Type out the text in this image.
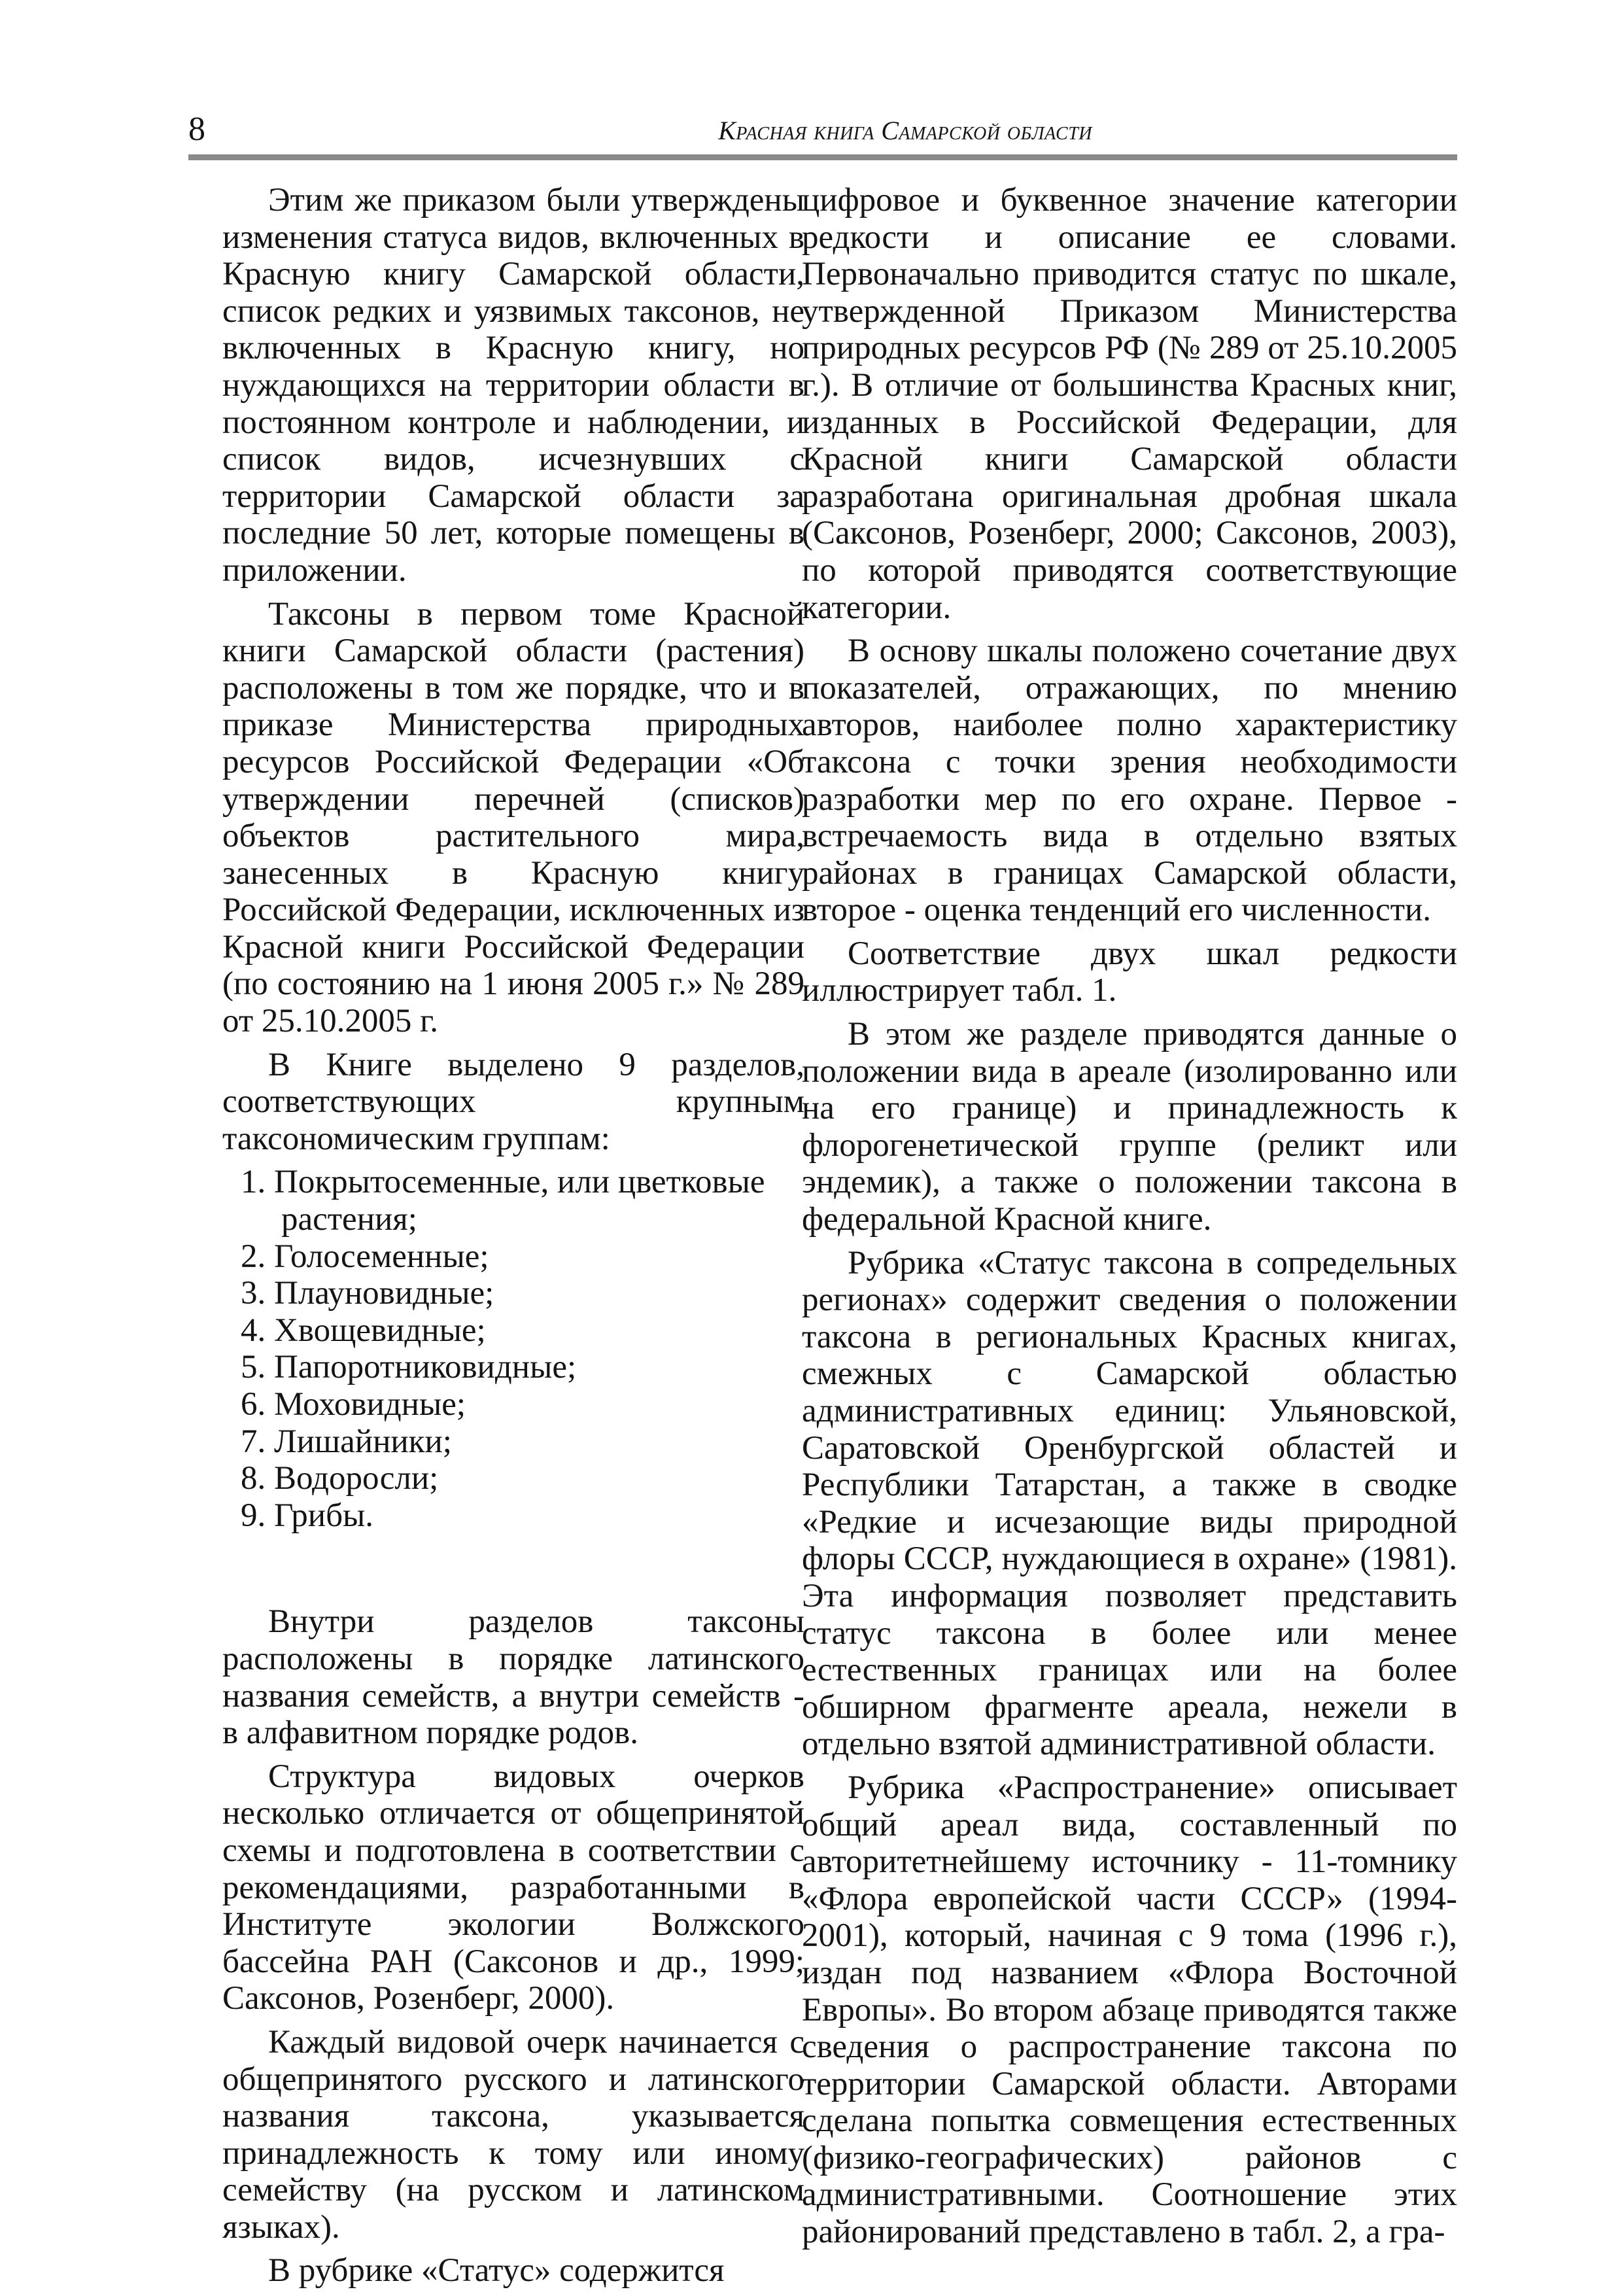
8	Красная книга Самарской области

Этим же приказом были утверждены изменения статуса видов, включенных в Красную книгу Самарской области, список редких и уязвимых таксонов, не включенных в Красную книгу, но нуждающихся на территории области в постоянном контроле и наблюдении, и список видов, исчезнувших с территории Самарской области за последние 50 лет, которые помещены в приложении.

Таксоны в первом томе Красной книги Самарской области (растения) расположены в том же порядке, что и в приказе Министерства природных ресурсов Российской Федерации «Об утверждении перечней (списков) объектов растительного мира, занесенных в Красную книгу Российской Федерации, исключенных из Красной книги Российской Федерации (по состоянию на 1 июня 2005 г.» № 289 от 25.10.2005 г.

В Книге выделено 9 разделов, соответствующих крупным таксономическим группам:

1. Покрытосеменные, или цветковые растения;
2. Голосеменные;
3. Плауновидные;
4. Хвощевидные;
5. Папоротниковидные;
6. Моховидные;
7. Лишайники;
8. Водоросли;
9. Грибы.

Внутри разделов таксоны расположены в порядке латинского названия семейств, а внутри семейств - в алфавитном порядке родов.

Структура видовых очерков несколько отличается от общепринятой схемы и подготовлена в соответствии с рекомендациями, разработанными в Институте экологии Волжского бассейна РАН (Саксонов и др., 1999; Саксонов, Розенберг, 2000).

Каждый видовой очерк начинается с общепринятого русского и латинского названия таксона, указывается принадлежность к тому или иному семейству (на русском и латинском языках).

В рубрике «Статус» содержится

цифровое и буквенное значение категории редкости и описание ее словами. Первоначально приводится статус по шкале, утвержденной Приказом Министерства природных ресурсов РФ (№ 289 от 25.10.2005 г.). В отличие от большинства Красных книг, изданных в Российской Федерации, для Красной книги Самарской области разработана оригинальная дробная шкала (Саксонов, Розенберг, 2000; Саксонов, 2003), по которой приводятся соответствующие категории.

В основу шкалы положено сочетание двух показателей, отражающих, по мнению авторов, наиболее полно характеристику таксона с точки зрения необходимости разработки мер по его охране. Первое - встречаемость вида в отдельно взятых районах в границах Самарской области, второе - оценка тенденций его численности.

Соответствие двух шкал редкости иллюстрирует табл. 1.

В этом же разделе приводятся данные о положении вида в ареале (изолированно или на его границе) и принадлежность к флорогенетической группе (реликт или эндемик), а также о положении таксона в федеральной Красной книге.

Рубрика «Статус таксона в сопредельных регионах» содержит сведения о положении таксона в региональных Красных книгах, смежных с Самарской областью административных единиц: Ульяновской, Саратовской Оренбургской областей и Республики Татарстан, а также в сводке «Редкие и исчезающие виды природной флоры СССР, нуждающиеся в охране» (1981). Эта информация позволяет представить статус таксона в более или менее естественных границах или на более обширном фрагменте ареала, нежели в отдельно взятой административной области.

Рубрика «Распространение» описывает общий ареал вида, составленный по авторитетнейшему источнику - 11-томнику «Флора европейской части СССР» (1994-2001), который, начиная с 9 тома (1996 г.), издан под названием «Флора Восточной Европы». Во втором абзаце приводятся также сведения о распространение таксона по территории Самарской области. Авторами сделана попытка совмещения естественных (физико-географических) районов с административными. Соотношение этих районирований представлено в табл. 2, а гра-
